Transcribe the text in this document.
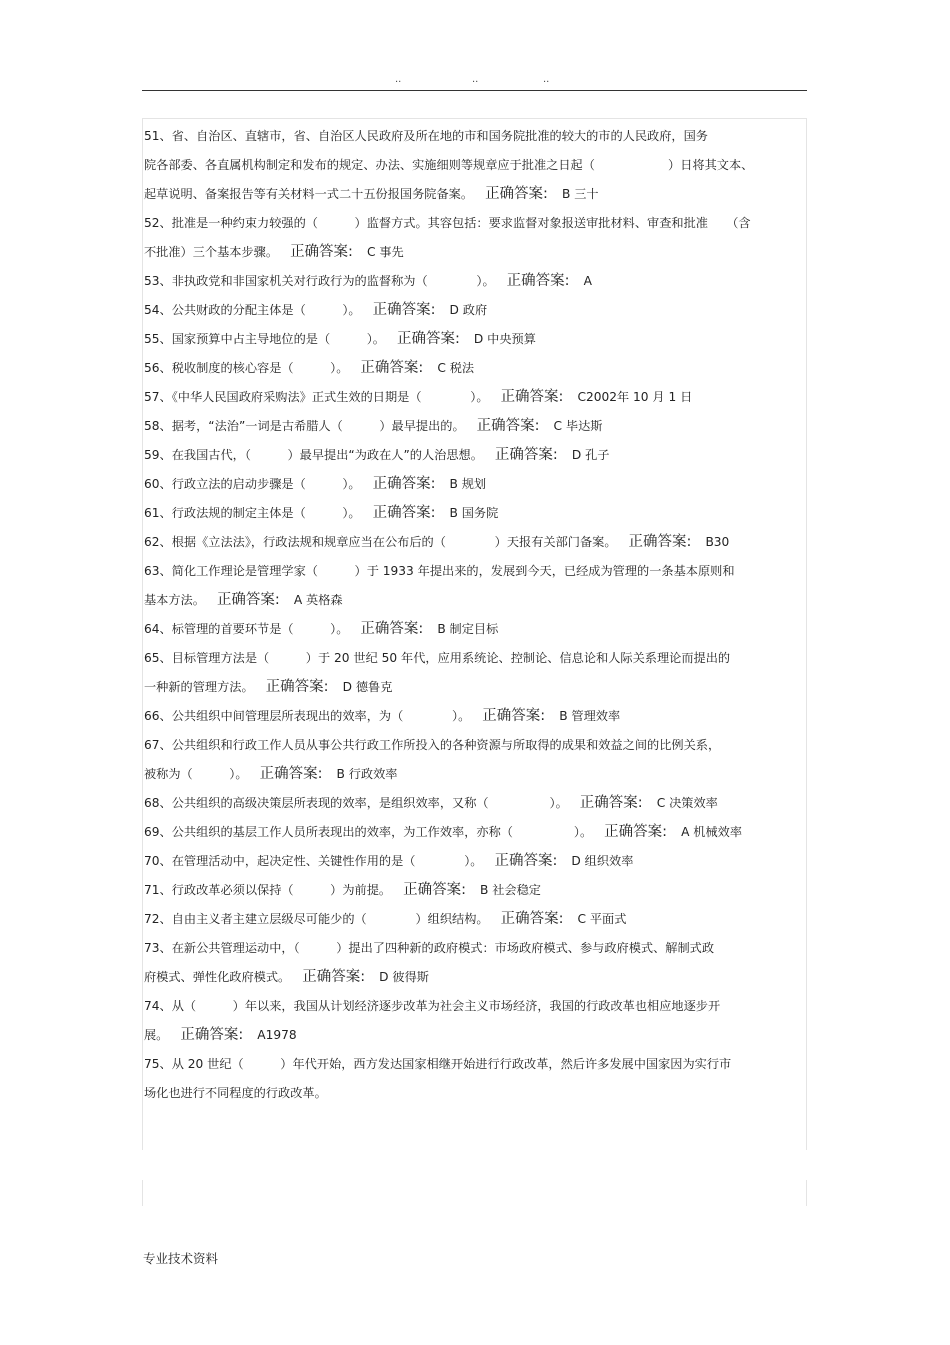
..	..	..

51、省、自治区、直辖市，省、自治区人民政府及所在地的市和国务院批准的较大的市的人民政府，国务

院各部委、各直属机构制定和发布的规定、办法、实施细则等规章应于批准之日起（　　　　　　）日将其文本、

起草说明、备案报告等有关材料一式二十五份报国务院备案。 正确答案: B 三十

52、批准是一种约束力较强的（　　　）监督方式。其容包括：要求监督对象报送审批材料、审查和批准　　（含

不批准）三个基本步骤。 正确答案: C 事先

53、非执政党和非国家机关对行政行为的监督称为（　　　　）。 正确答案: A

54、公共财政的分配主体是（　　　）。 正确答案: D 政府

55、国家预算中占主导地位的是（　　　）。 正确答案: D 中央预算

56、税收制度的核心容是（　　　）。 正确答案: C 税法

57、《中华人民国政府采购法》正式生效的日期是（　　　　）。 正确答案: C2002年 10 月 1 日

58、据考，“法治”一词是古希腊人（　　　）最早提出的。 正确答案: C 毕达斯

59、在我国古代，（　　　）最早提出“为政在人”的人治思想。 正确答案: D 孔子

60、行政立法的启动步骤是（　　　）。 正确答案: B 规划

61、行政法规的制定主体是（　　　）。 正确答案: B 国务院

62、根据《立法法》，行政法规和规章应当在公布后的（　　　　）天报有关部门备案。 正确答案: B30

63、简化工作理论是管理学家（　　　）于 1933 年提出来的，发展到今天，已经成为管理的一条基本原则和

基本方法。 正确答案: A 英格森

64、标管理的首要环节是（　　　）。 正确答案: B 制定目标

65、目标管理方法是（　　　）于 20 世纪 50 年代，应用系统论、控制论、信息论和人际关系理论而提出的

一种新的管理方法。 正确答案: D 德鲁克

66、公共组织中间管理层所表现出的效率，为（　　　　）。 正确答案: B 管理效率

67、公共组织和行政工作人员从事公共行政工作所投入的各种资源与所取得的成果和效益之间的比例关系，

被称为（　　　）。 正确答案: B 行政效率

68、公共组织的高级决策层所表现的效率，是组织效率，又称（　　　　　）。 正确答案: C 决策效率

69、公共组织的基层工作人员所表现出的效率，为工作效率，亦称（　　　　　）。 正确答案: A 机械效率

70、在管理活动中，起决定性、关键性作用的是（　　　　）。 正确答案: D 组织效率

71、行政改革必须以保持（　　　）为前提。 正确答案: B 社会稳定

72、自由主义者主建立层级尽可能少的（　　　　）组织结构。 正确答案: C 平面式

73、在新公共管理运动中，（　　　）提出了四种新的政府模式：市场政府模式、参与政府模式、解制式政

府模式、弹性化政府模式。 正确答案: D 彼得斯

74、从（　　　）年以来，我国从计划经济逐步改革为社会主义市场经济，我国的行政改革也相应地逐步开

展。 正确答案: A1978

75、从 20 世纪（　　　）年代开始，西方发达国家相继开始进行行政改革，然后许多发展中国家因为实行市

场化也进行不同程度的行政改革。

专业技术资料
